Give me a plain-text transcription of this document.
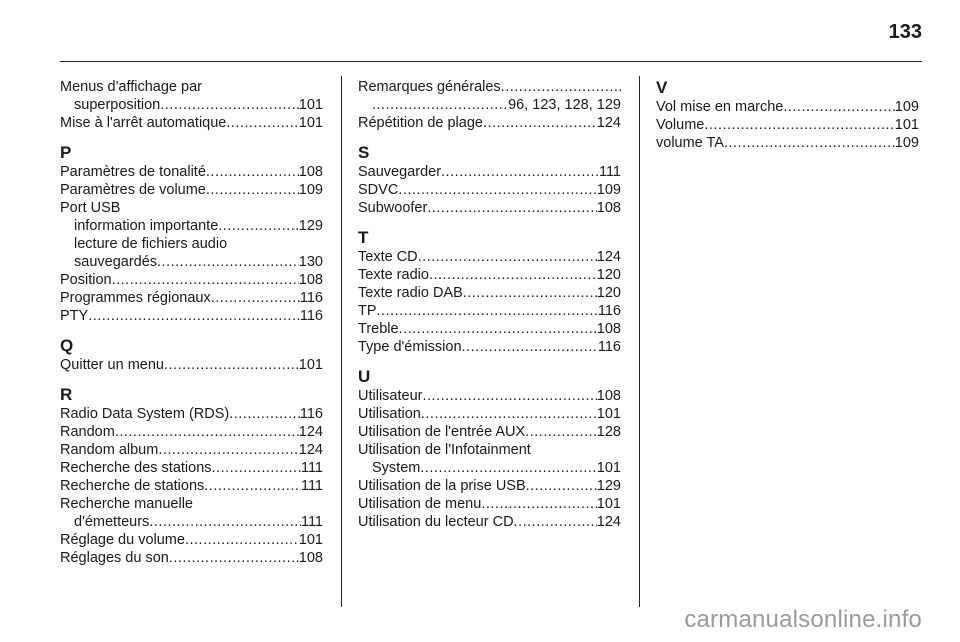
133
Menus d'affichage par
superposition .....	101
Mise à l'arrêt automatique .....	101
P
Paramètres de tonalité .....	108
Paramètres de volume .....	109
Port USB
information importante .....	129
lecture de fichiers audio
sauvegardés .....	130
Position .....	108
Programmes régionaux .....	116
PTY .....	116
Q
Quitter un menu .....	101
R
Radio Data System (RDS) .....	116
Random .....	124
Random album .....	124
Recherche des stations .....	111
Recherche de stations .....	111
Recherche manuelle
d'émetteurs .....	111
Réglage du volume .....	101
Réglages du son .....	108
Remarques générales
.....
.....
96, 123, 128, 129
Répétition de plage .....	124
S
Sauvegarder .....	111
SDVC .....	109
Subwoofer .....	108
T
Texte CD .....	124
Texte radio .....	120
Texte radio DAB .....	120
TP .....	116
Treble .....	108
Type d'émission .....	116
U
Utilisateur .....	108
Utilisation .....	101
Utilisation de l'entrée AUX .....	128
Utilisation de l'Infotainment
System .....	101
Utilisation de la prise USB .....	129
Utilisation de menu .....	101
Utilisation du lecteur CD .....	124
V
Vol mise en marche .....	109
Volume .....	101
volume TA .....	109
carmanualsonline.info
